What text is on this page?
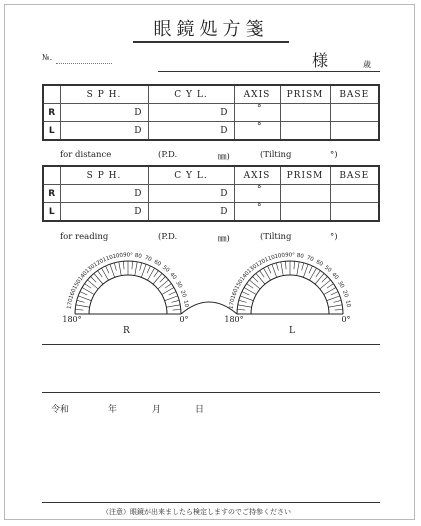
眼鏡処方箋
№.	様	歳
	S P H.	C Y L.	AXIS	PRISM	BASE
R	D	D	°		
L	D	D	°		
for distance	(P.D.	㎜)	(Tilting	°)
	S P H.	C Y L.	AXIS	PRISM	BASE
R	D	D	°		
L	D	D	°		
for reading	(P.D.	㎜)	(Tilting	°)
170
160
150
140
130
120
110
100 90° 80 70 60
50
40
30
20
10
180°	0°
170
160
150
140
130
120
110
100 90° 80 70 60
50
40
30
20
10
180°	0°
R	L
令和	年	月	日
（注意）眼鏡が出来ましたら検定しますのでご持参ください
